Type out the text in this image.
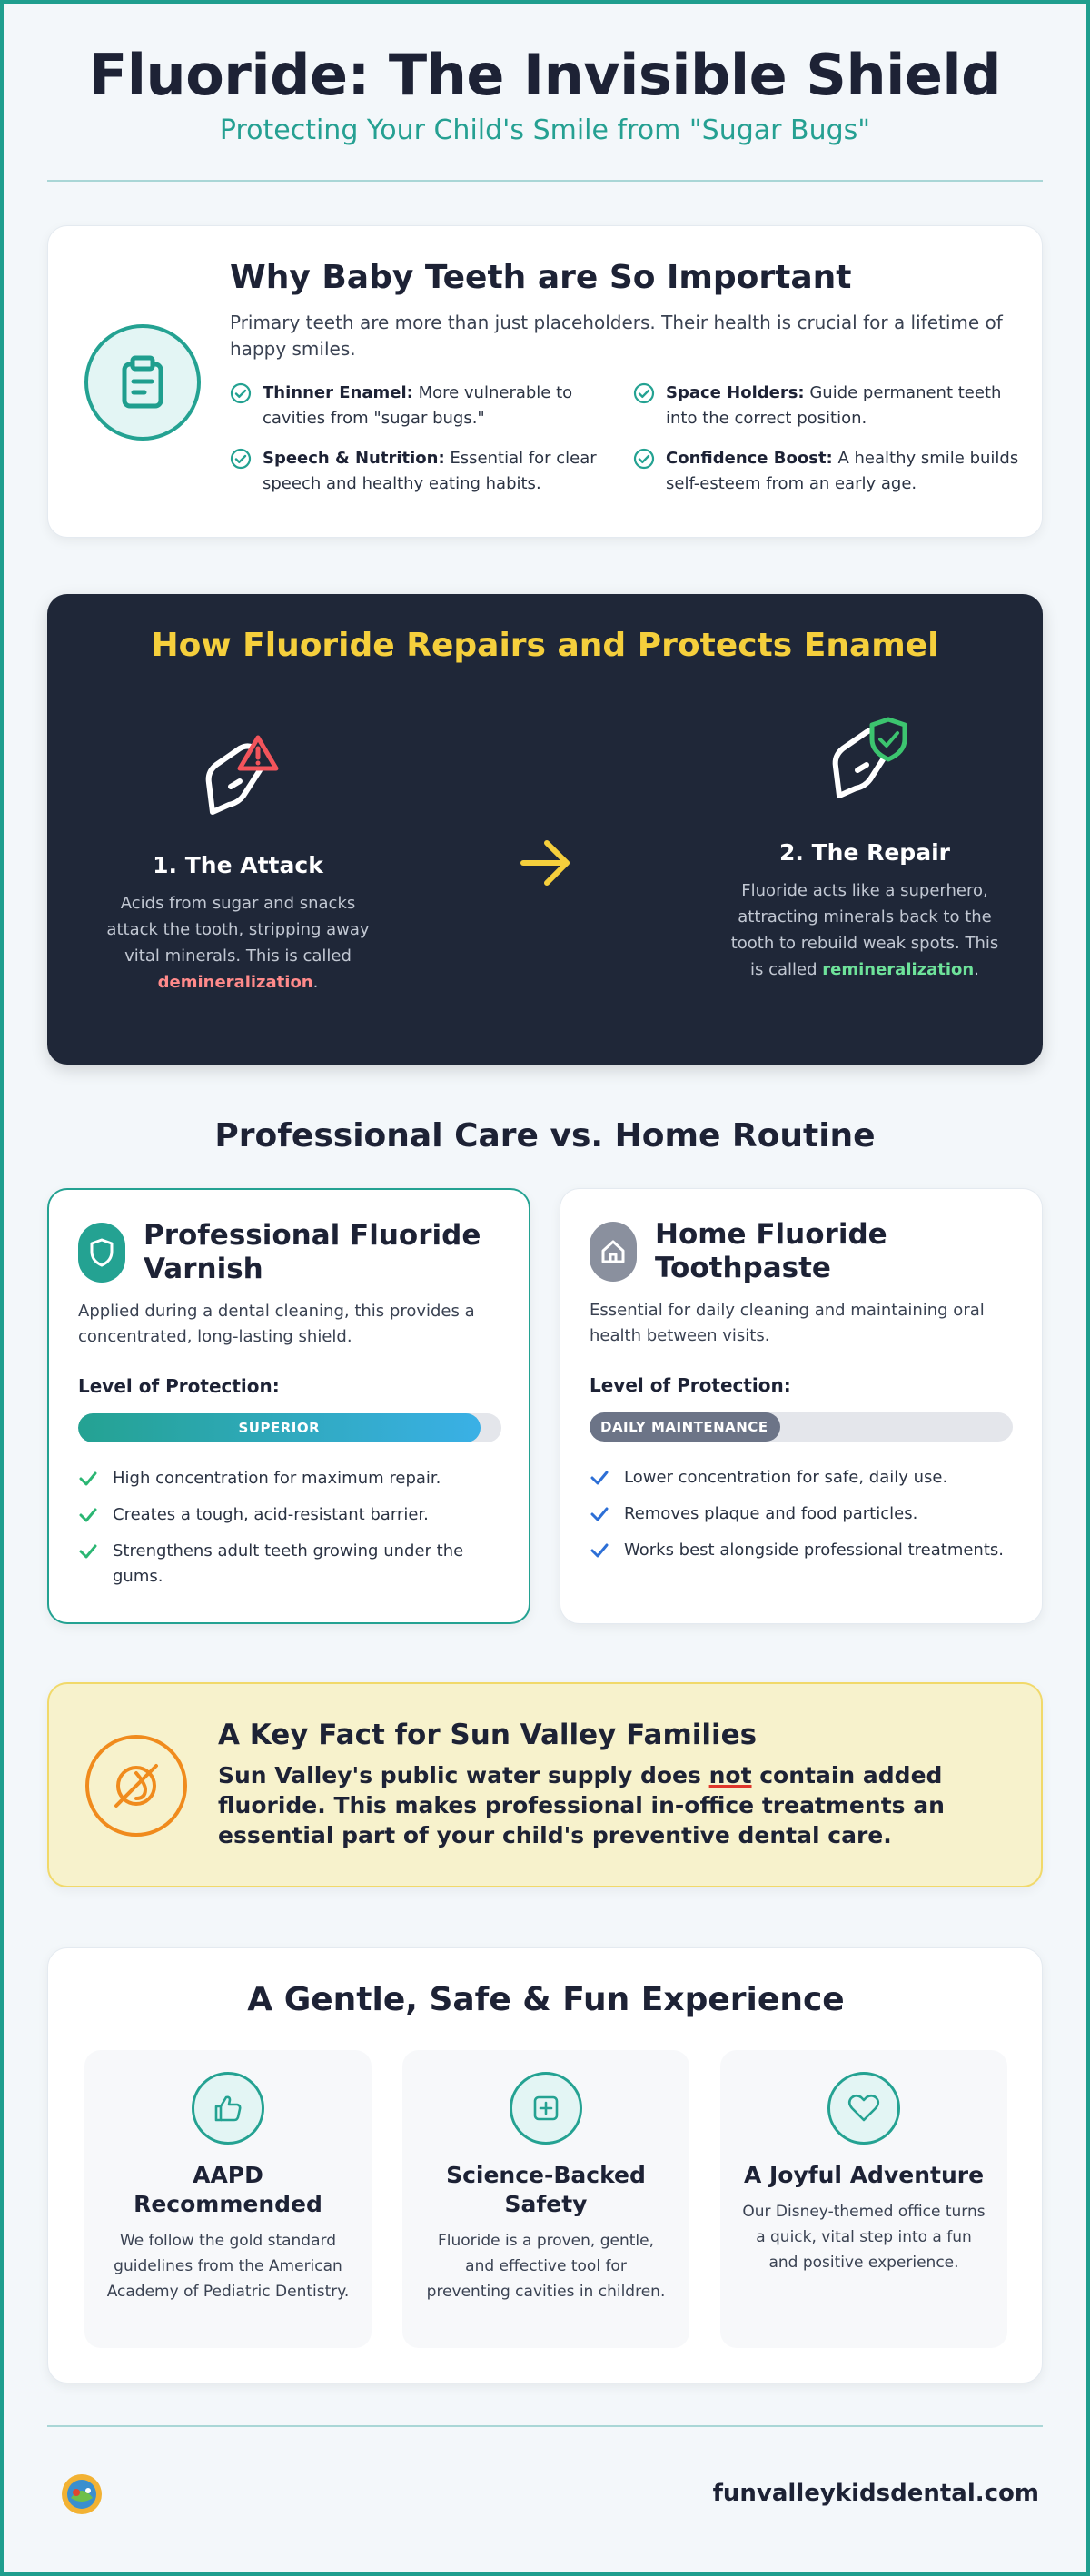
Fluoride: The Invisible Shield
Protecting Your Child's Smile from "Sugar Bugs"
Why Baby Teeth are So Important
Primary teeth are more than just placeholders. Their health is crucial for a lifetime of happy smiles.
Thinner Enamel: More vulnerable to cavities from "sugar bugs."
Space Holders: Guide permanent teeth into the correct position.
Speech & Nutrition: Essential for clear speech and healthy eating habits.
Confidence Boost: A healthy smile builds self-esteem from an early age.
How Fluoride Repairs and Protects Enamel
1. The Attack
Acids from sugar and snacks attack the tooth, stripping away vital minerals. This is called demineralization.
2. The Repair
Fluoride acts like a superhero, attracting minerals back to the tooth to rebuild weak spots. This is called remineralization.
Professional Care vs. Home Routine
Professional Fluoride Varnish
Applied during a dental cleaning, this provides a concentrated, long-lasting shield.
Level of Protection:
SUPERIOR
High concentration for maximum repair.
Creates a tough, acid-resistant barrier.
Strengthens adult teeth growing under the gums.
Home Fluoride Toothpaste
Essential for daily cleaning and maintaining oral health between visits.
Level of Protection:
DAILY MAINTENANCE
Lower concentration for safe, daily use.
Removes plaque and food particles.
Works best alongside professional treatments.
A Key Fact for Sun Valley Families
Sun Valley's public water supply does not contain added fluoride. This makes professional in-office treatments an essential part of your child's preventive dental care.
A Gentle, Safe & Fun Experience
AAPD Recommended
We follow the gold standard guidelines from the American Academy of Pediatric Dentistry.
Science-Backed Safety
Fluoride is a proven, gentle, and effective tool for preventing cavities in children.
A Joyful Adventure
Our Disney-themed office turns a quick, vital step into a fun and positive experience.
funvalleykidsdental.com
